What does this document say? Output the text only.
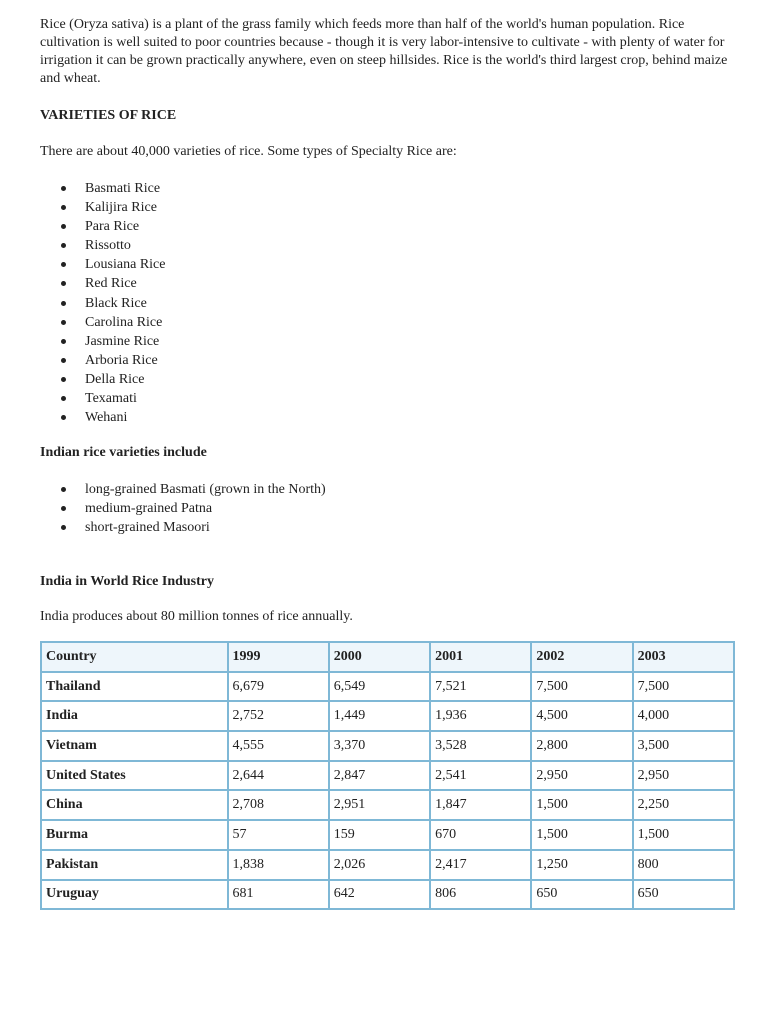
Rice (Oryza sativa) is a plant of the grass family which feeds more than half of the world's human population. Rice cultivation is well suited to poor countries because - though it is very labor-intensive to cultivate - with plenty of water for irrigation it can be grown practically anywhere, even on steep hillsides. Rice is the world's third largest crop, behind maize and wheat.

VARIETIES OF RICE

There are about 40,000 varieties of rice. Some types of Specialty Rice are:

Basmati Rice
Kalijira Rice
Para Rice
Rissotto
Lousiana Rice
Red Rice
Black Rice
Carolina Rice
Jasmine Rice
Arboria Rice
Della Rice
Texamati
Wehani
Indian rice varieties include
long-grained Basmati (grown in the North)
medium-grained Patna
short-grained Masoori
India in World Rice Industry

India produces about 80 million tonnes of rice annually.

Country	1999	2000	2001	2002	2003
Thailand	6,679	6,549	7,521	7,500	7,500
India	2,752	1,449	1,936	4,500	4,000
Vietnam	4,555	3,370	3,528	2,800	3,500
United States	2,644	2,847	2,541	2,950	2,950
China	2,708	2,951	1,847	1,500	2,250
Burma	57	159	670	1,500	1,500
Pakistan	1,838	2,026	2,417	1,250	800
Uruguay	681	642	806	650	650
